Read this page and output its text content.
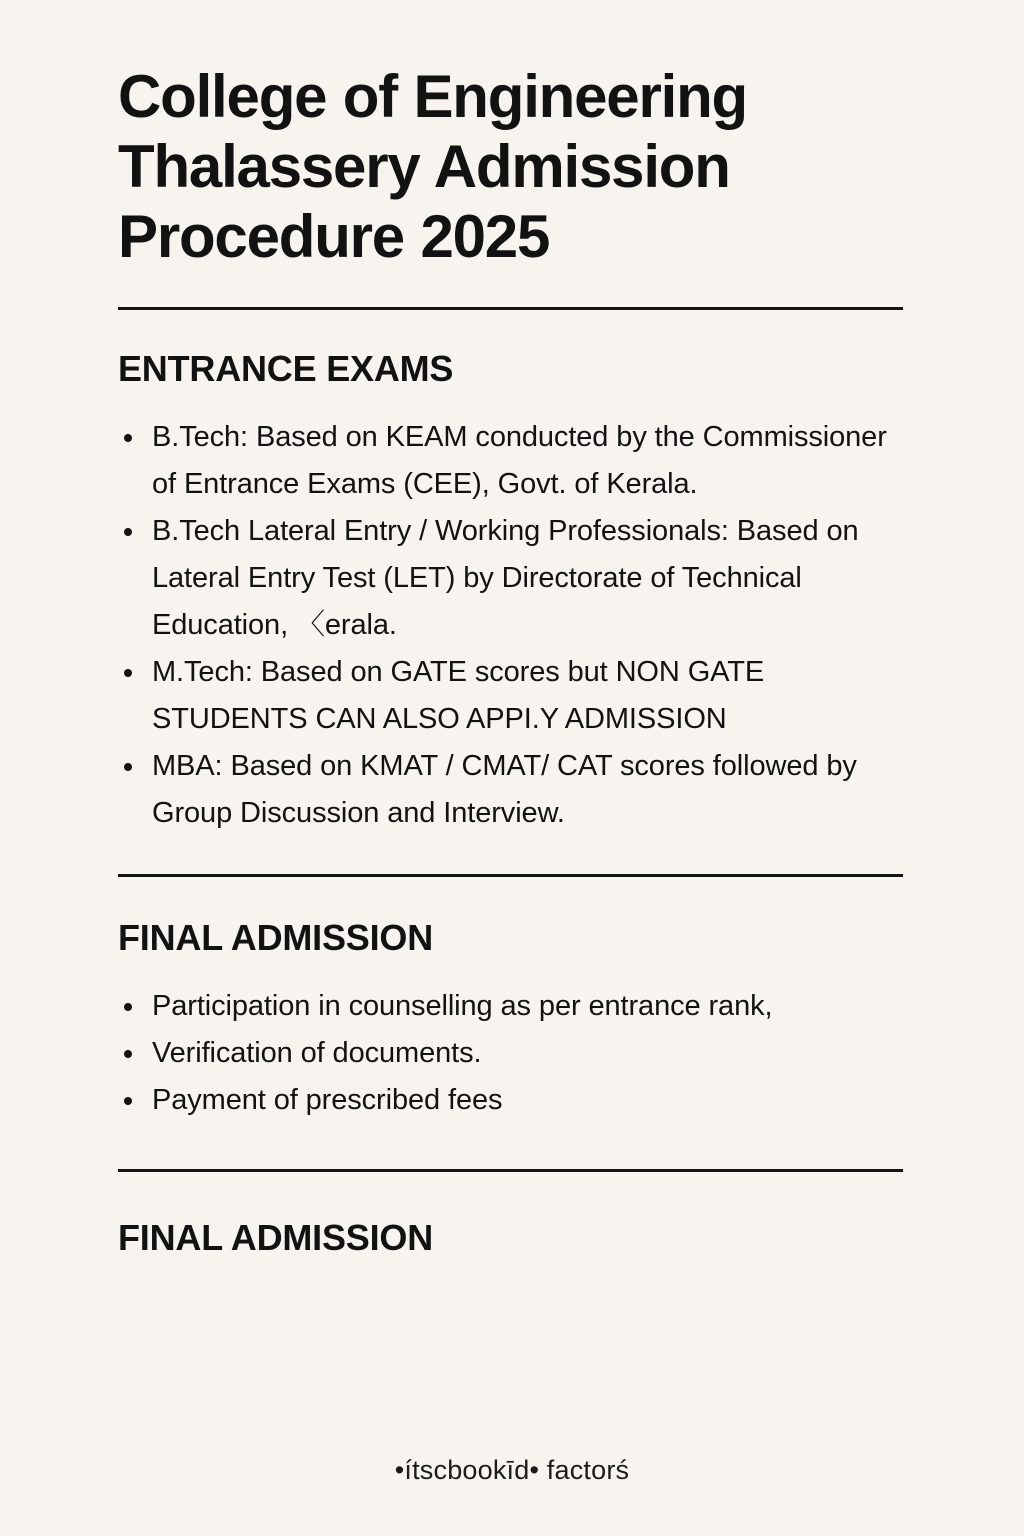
College of Engineering Thalassery Admission Procedure 2025
ENTRANCE EXAMS
B.Tech: Based on KEAM conducted by the Commissioner of Entrance Exams (CEE), Govt. of Kerala.
B.Tech Lateral Entry / Working Professionals: Based on Lateral Entry Test (LET) by Directorate of Technical Education, 〈erala.
M.Tech: Based on GATE scores but NON GATE STUDENTS CAN ALSO APPI.Y ADMISSION
MBA: Based on KMAT / CMAT/ CAT scores followed by Group Discussion and Interview.
FINAL ADMISSION
Participation in counselling as per entrance rank,
Verification of documents.
Payment of prescribed fees
FINAL ADMISSION
•ítscbookīd• factorś
